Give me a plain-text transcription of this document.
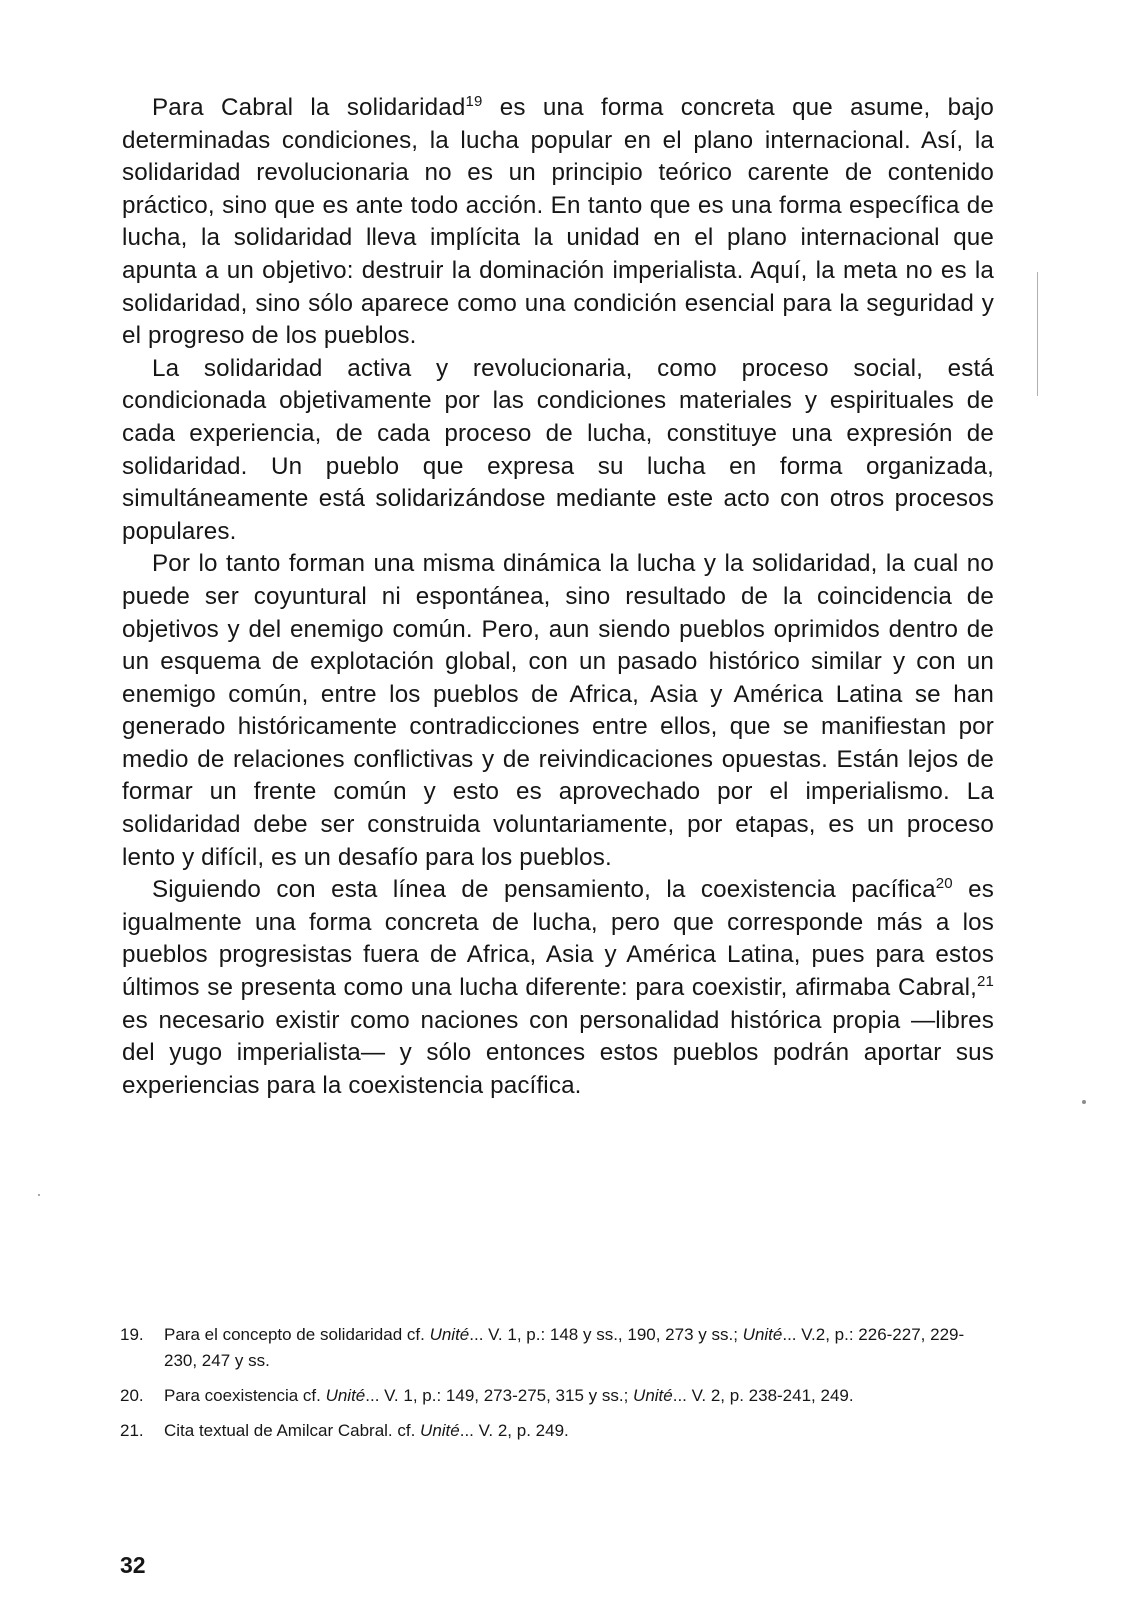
Para Cabral la solidaridad$^{19}$ es una forma concreta que asume, bajo determinadas condiciones, la lucha popular en el plano internacional. Así, la solidaridad revolucionaria no es un principio teórico carente de contenido práctico, sino que es ante todo acción. En tanto que es una forma específica de lucha, la solidaridad lleva implícita la unidad en el plano internacional que apunta a un objetivo: destruir la dominación imperialista. Aquí, la meta no es la solidaridad, sino sólo aparece como una condición esencial para la seguridad y el progreso de los pueblos.

La solidaridad activa y revolucionaria, como proceso social, está condicionada objetivamente por las condiciones materiales y espirituales de cada experiencia, de cada proceso de lucha, constituye una expresión de solidaridad. Un pueblo que expresa su lucha en forma organizada, simultáneamente está solidarizándose mediante este acto con otros procesos populares.

Por lo tanto forman una misma dinámica la lucha y la solidaridad, la cual no puede ser coyuntural ni espontánea, sino resultado de la coincidencia de objetivos y del enemigo común. Pero, aun siendo pueblos oprimidos dentro de un esquema de explotación global, con un pasado histórico similar y con un enemigo común, entre los pueblos de Africa, Asia y América Latina se han generado históricamente contradicciones entre ellos, que se manifiestan por medio de relaciones conflictivas y de reivindicaciones opuestas. Están lejos de formar un frente común y esto es aprovechado por el imperialismo. La solidaridad debe ser construida voluntariamente, por etapas, es un proceso lento y difícil, es un desafío para los pueblos.

Siguiendo con esta línea de pensamiento, la coexistencia pacífica$^{20}$ es igualmente una forma concreta de lucha, pero que corresponde más a los pueblos progresistas fuera de Africa, Asia y América Latina, pues para estos últimos se presenta como una lucha diferente: para coexistir, afirmaba Cabral,$^{21}$ es necesario existir como naciones con personalidad histórica propia —libres del yugo imperialista— y sólo entonces estos pueblos podrán aportar sus experiencias para la coexistencia pacífica.

19.	Para el concepto de solidaridad cf. Unité... V. 1, p.: 148 y ss., 190, 273 y ss.; Unité... V.2, p.: 226-227, 229-230, 247 y ss.
20.	Para coexistencia cf. Unité... V. 1, p.: 149, 273-275, 315 y ss.; Unité... V. 2, p. 238-241, 249.
21.	Cita textual de Amilcar Cabral. cf. Unité... V. 2, p. 249.
32
